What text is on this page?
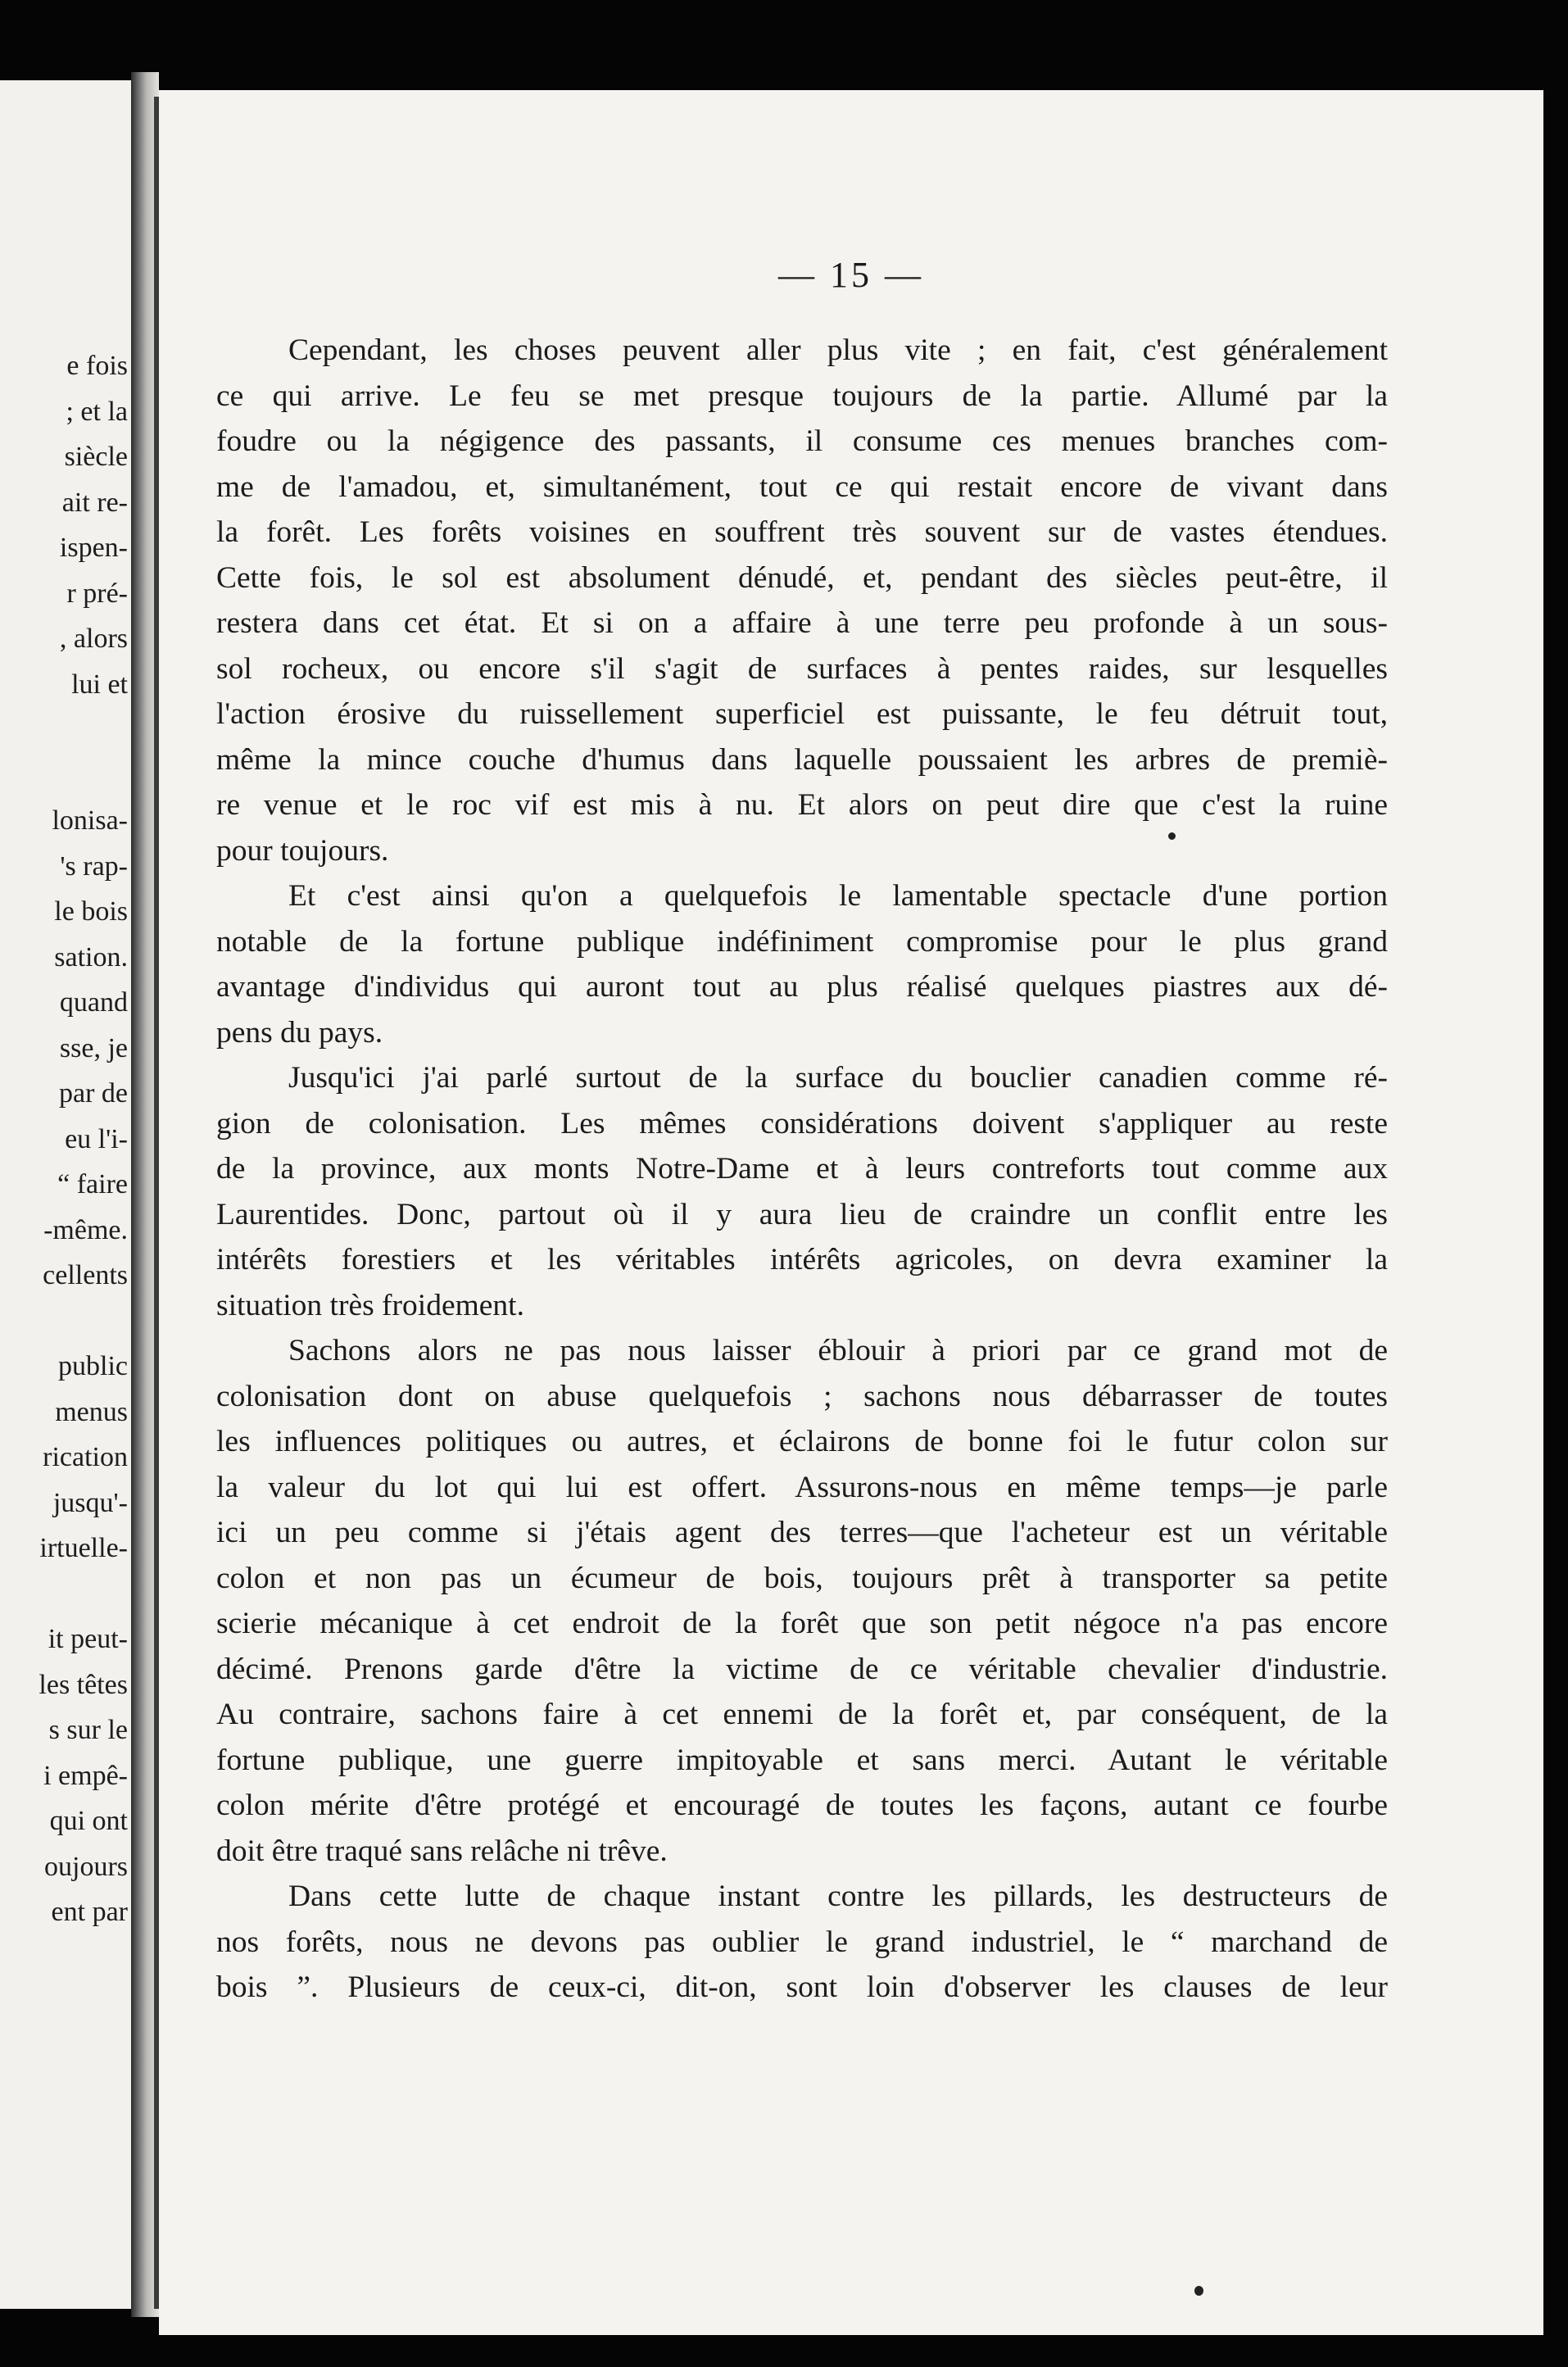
e fois
; et la
siècle
ait re-
ispen-
r pré-
, alors
lui et
lonisa-
's rap-
le bois
sation.
quand
sse, je
par de
eu l'i-
“ faire
-même.
cellents
public
menus
rication
jusqu'-
irtuelle-
it peut-
les têtes
s sur le
i empê-
qui ont
oujours
ent par
— 15 —
Cependant, les choses peuvent aller plus vite ; en fait, c'est généralement
ce qui arrive. Le feu se met presque toujours de la partie. Allumé par la
foudre ou la négigence des passants, il consume ces menues branches com-
me de l'amadou, et, simultanément, tout ce qui restait encore de vivant dans
la forêt. Les forêts voisines en souffrent très souvent sur de vastes étendues.
Cette fois, le sol est absolument dénudé, et, pendant des siècles peut-être, il
restera dans cet état. Et si on a affaire à une terre peu profonde à un sous-
sol rocheux, ou encore s'il s'agit de surfaces à pentes raides, sur lesquelles
l'action érosive du ruissellement superficiel est puissante, le feu détruit tout,
même la mince couche d'humus dans laquelle poussaient les arbres de premiè-
re venue et le roc vif est mis à nu. Et alors on peut dire que c'est la ruine
pour toujours.
Et c'est ainsi qu'on a quelquefois le lamentable spectacle d'une portion
notable de la fortune publique indéfiniment compromise pour le plus grand
avantage d'individus qui auront tout au plus réalisé quelques piastres aux dé-
pens du pays.
Jusqu'ici j'ai parlé surtout de la surface du bouclier canadien comme ré-
gion de colonisation. Les mêmes considérations doivent s'appliquer au reste
de la province, aux monts Notre-Dame et à leurs contreforts tout comme aux
Laurentides. Donc, partout où il y aura lieu de craindre un conflit entre les
intérêts forestiers et les véritables intérêts agricoles, on devra examiner la
situation très froidement.
Sachons alors ne pas nous laisser éblouir à priori par ce grand mot de
colonisation dont on abuse quelquefois ; sachons nous débarrasser de toutes
les influences politiques ou autres, et éclairons de bonne foi le futur colon sur
la valeur du lot qui lui est offert. Assurons-nous en même temps—je parle
ici un peu comme si j'étais agent des terres—que l'acheteur est un véritable
colon et non pas un écumeur de bois, toujours prêt à transporter sa petite
scierie mécanique à cet endroit de la forêt que son petit négoce n'a pas encore
décimé. Prenons garde d'être la victime de ce véritable chevalier d'industrie.
Au contraire, sachons faire à cet ennemi de la forêt et, par conséquent, de la
fortune publique, une guerre impitoyable et sans merci. Autant le véritable
colon mérite d'être protégé et encouragé de toutes les façons, autant ce fourbe
doit être traqué sans relâche ni trêve.
Dans cette lutte de chaque instant contre les pillards, les destructeurs de
nos forêts, nous ne devons pas oublier le grand industriel, le “ marchand de
bois ”. Plusieurs de ceux-ci, dit-on, sont loin d'observer les clauses de leur
